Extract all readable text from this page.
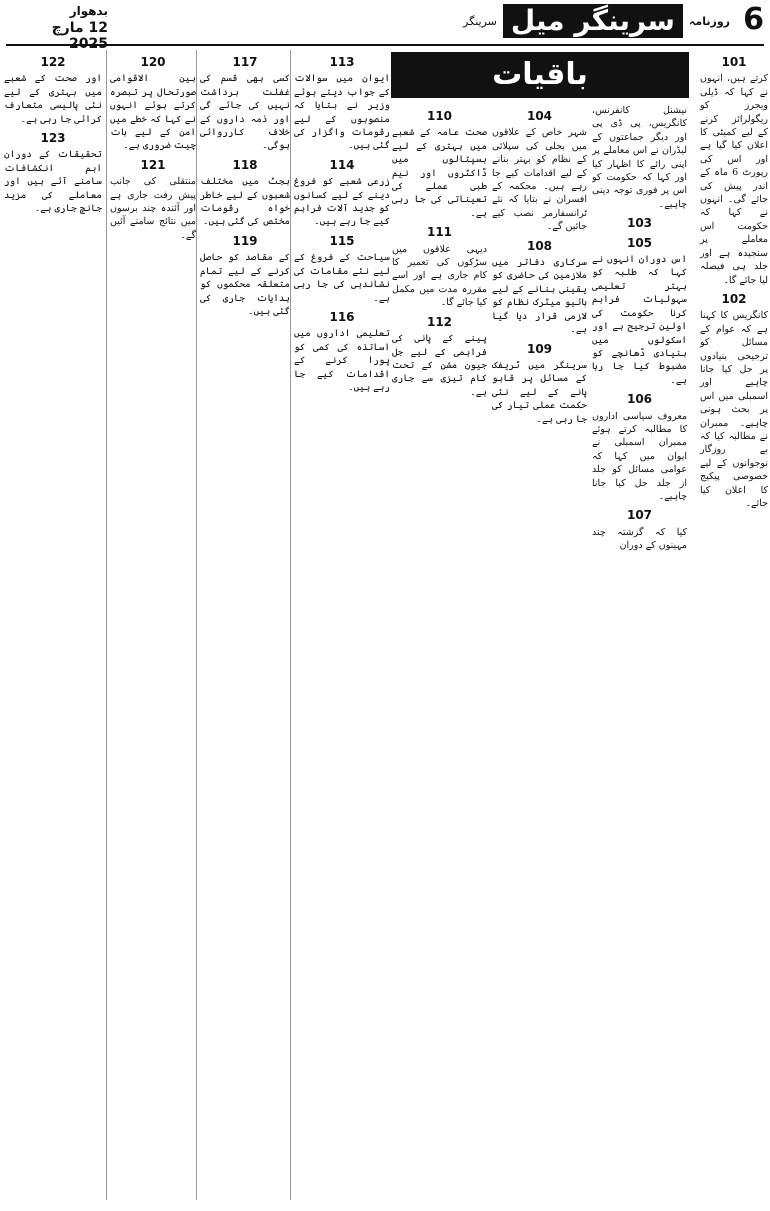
بدھوار
12 مارچ 2025
روزنامہ
سرینگر میل
سرینگر	6
باقیات	101
کرتے ہیں، انہوں نے کہا کہ ڈیلی ویجرز کو ریگولرائز کرنے کے لیے کمیٹی کا اعلان کیا گیا ہے اور اس کی رپورٹ 6 ماہ کے اندر پیش کی جائے گی۔ انہوں نے کہا کہ حکومت اس معاملے پر سنجیدہ ہے اور جلد ہی فیصلہ لیا جائے گا۔
102
کانگریس کا کہنا ہے کہ عوام کے مسائل کو ترجیحی بنیادوں پر حل کیا جانا چاہیے اور اسمبلی میں اس پر بحث ہونی چاہیے۔ ممبران نے مطالبہ کیا کہ بے روزگار نوجوانوں کے لیے خصوصی پیکیج کا اعلان کیا جائے۔
نیشنل کانفرنس، کانگریس، پی ڈی پی اور دیگر جماعتوں کے لیڈران نے اس معاملے پر اپنی رائے کا اظہار کیا اور کہا کہ حکومت کو اس پر فوری توجہ دینی چاہیے۔
103
105
اس دوران انہوں نے کہا کہ طلبہ کو بہتر تعلیمی سہولیات فراہم کرنا حکومت کی اولین ترجیح ہے اور اسکولوں میں بنیادی ڈھانچے کو مضبوط کیا جا رہا ہے۔
106
معروف سیاسی اداروں کا مطالبہ کرتے ہوئے ممبران اسمبلی نے ایوان میں کہا کہ عوامی مسائل کو جلد از جلد حل کیا جانا چاہیے۔
107
کیا کہ گزشتہ چند مہینوں کے دوران
104
شہر خاص کے علاقوں میں بجلی کی سپلائی کے نظام کو بہتر بنانے کے لیے اقدامات کیے جا رہے ہیں۔ محکمہ کے افسران نے بتایا کہ نئے ٹرانسفارمر نصب کیے جائیں گے۔
108
سرکاری دفاتر میں ملازمین کی حاضری کو یقینی بنانے کے لیے بائیو میٹرک نظام کو لازمی قرار دیا گیا ہے۔
109
سرینگر میں ٹریفک کے مسائل پر قابو پانے کے لیے نئی حکمت عملی تیار کی جا رہی ہے۔
110
صحت عامہ کے شعبے میں بہتری کے لیے ہسپتالوں میں ڈاکٹروں اور نیم طبی عملے کی تعیناتی کی جا رہی ہے۔
111
دیہی علاقوں میں سڑکوں کی تعمیر کا کام جاری ہے اور اسے مقررہ مدت میں مکمل کیا جائے گا۔
112
پینے کے پانی کی فراہمی کے لیے جل جیون مشن کے تحت کام تیزی سے جاری ہے۔
113
ایوان میں سوالات کے جواب دیتے ہوئے وزیر نے بتایا کہ منصوبوں کے لیے رقومات واگزار کی گئی ہیں۔
114
زرعی شعبے کو فروغ دینے کے لیے کسانوں کو جدید آلات فراہم کیے جا رہے ہیں۔
115
سیاحت کے فروغ کے لیے نئے مقامات کی نشاندہی کی جا رہی ہے۔
116
تعلیمی اداروں میں اساتذہ کی کمی کو پورا کرنے کے اقدامات کیے جا رہے ہیں۔
117
کسی بھی قسم کی غفلت برداشت نہیں کی جائے گی اور ذمہ داروں کے خلاف کارروائی ہوگی۔
118
بجٹ میں مختلف شعبوں کے لیے خاطر خواہ رقومات مختص کی گئی ہیں۔
119
کے مقاصد کو حاصل کرنے کے لیے تمام متعلقہ محکموں کو ہدایات جاری کی گئی ہیں۔
120
بین الاقوامی صورتحال پر تبصرہ کرتے ہوئے انہوں نے کہا کہ خطے میں امن کے لیے بات چیت ضروری ہے۔
121
منتقلی کی جانب پیش رفت جاری ہے اور آئندہ چند برسوں میں نتائج سامنے آئیں گے۔
122
اور صحت کے شعبے میں بہتری کے لیے نئی پالیسی متعارف کرائی جا رہی ہے۔
123
تحقیقات کے دوران اہم انکشافات سامنے آئے ہیں اور معاملے کی مزید جانچ جاری ہے۔
